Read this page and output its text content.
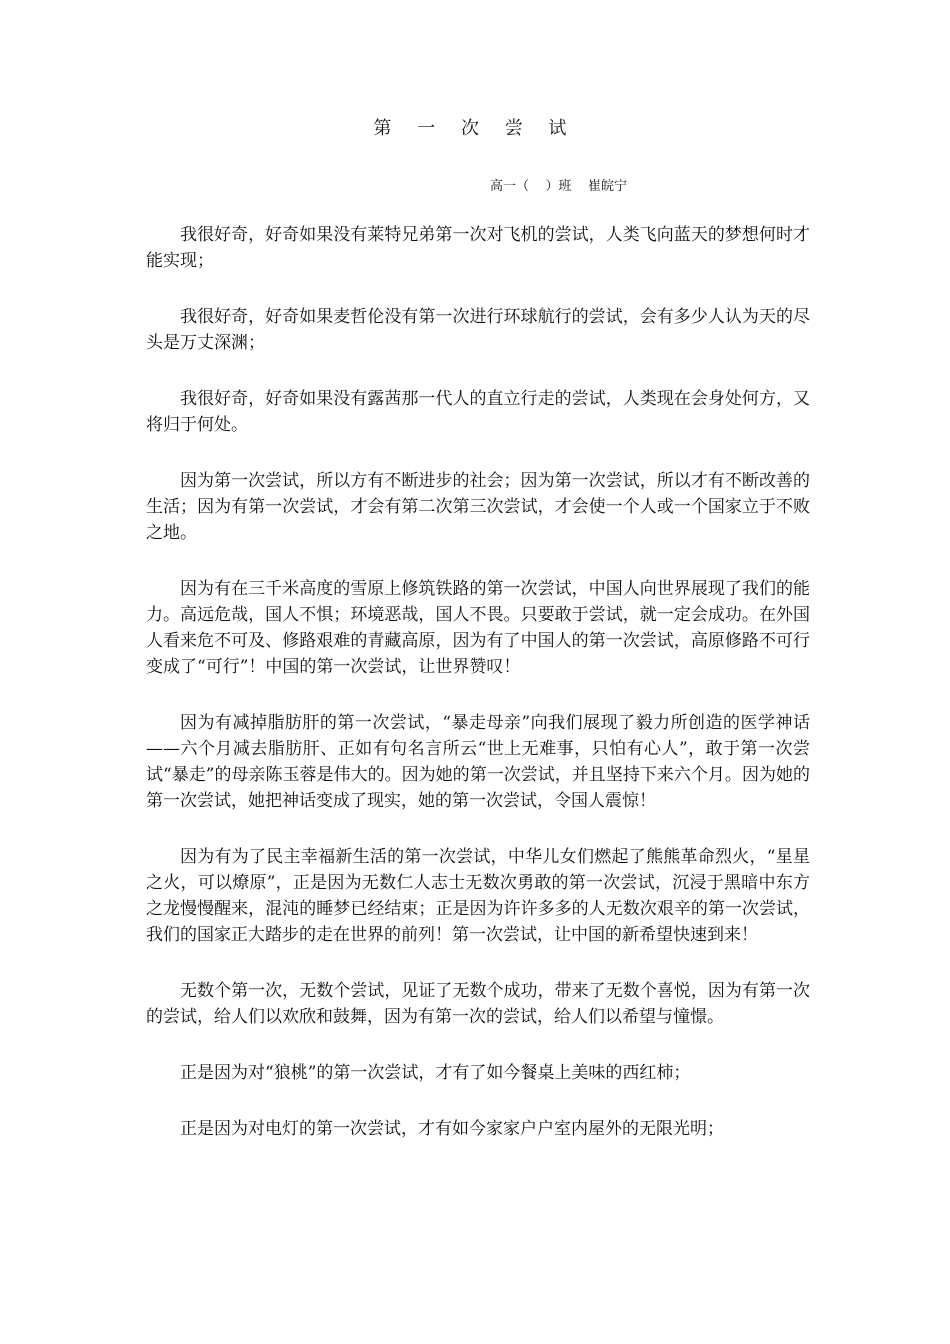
第 一 次 尝 试
高一（    ）班    崔皖宁

我很好奇，好奇如果没有莱特兄弟第一次对飞机的尝试，人类飞向蓝天的梦想何时才能实现；

我很好奇，好奇如果麦哲伦没有第一次进行环球航行的尝试，会有多少人认为天的尽头是万丈深渊；

我很好奇，好奇如果没有露茜那一代人的直立行走的尝试，人类现在会身处何方，又将归于何处。

因为第一次尝试，所以方有不断进步的社会；因为第一次尝试，所以才有不断改善的生活；因为有第一次尝试，才会有第二次第三次尝试，才会使一个人或一个国家立于不败之地。

因为有在三千米高度的雪原上修筑铁路的第一次尝试，中国人向世界展现了我们的能力。高远危哉，国人不惧；环境恶哉，国人不畏。只要敢于尝试，就一定会成功。在外国人看来危不可及、修路艰难的青藏高原，因为有了中国人的第一次尝试，高原修路不可行变成了“可行”！中国的第一次尝试，让世界赞叹！

因为有减掉脂肪肝的第一次尝试，“暴走母亲”向我们展现了毅力所创造的医学神话——六个月减去脂肪肝、正如有句名言所云“世上无难事，只怕有心人”，敢于第一次尝试“暴走”的母亲陈玉蓉是伟大的。因为她的第一次尝试，并且坚持下来六个月。因为她的第一次尝试，她把神话变成了现实，她的第一次尝试，令国人震惊！

因为有为了民主幸福新生活的第一次尝试，中华儿女们燃起了熊熊革命烈火，“星星之火，可以燎原”，正是因为无数仁人志士无数次勇敢的第一次尝试，沉浸于黑暗中东方之龙慢慢醒来，混沌的睡梦已经结束；正是因为许许多多的人无数次艰辛的第一次尝试，我们的国家正大踏步的走在世界的前列！第一次尝试，让中国的新希望快速到来！

无数个第一次，无数个尝试，见证了无数个成功，带来了无数个喜悦，因为有第一次的尝试，给人们以欢欣和鼓舞，因为有第一次的尝试，给人们以希望与憧憬。

正是因为对“狼桃”的第一次尝试，才有了如今餐桌上美味的西红柿；

正是因为对电灯的第一次尝试，才有如今家家户户室内屋外的无限光明；
